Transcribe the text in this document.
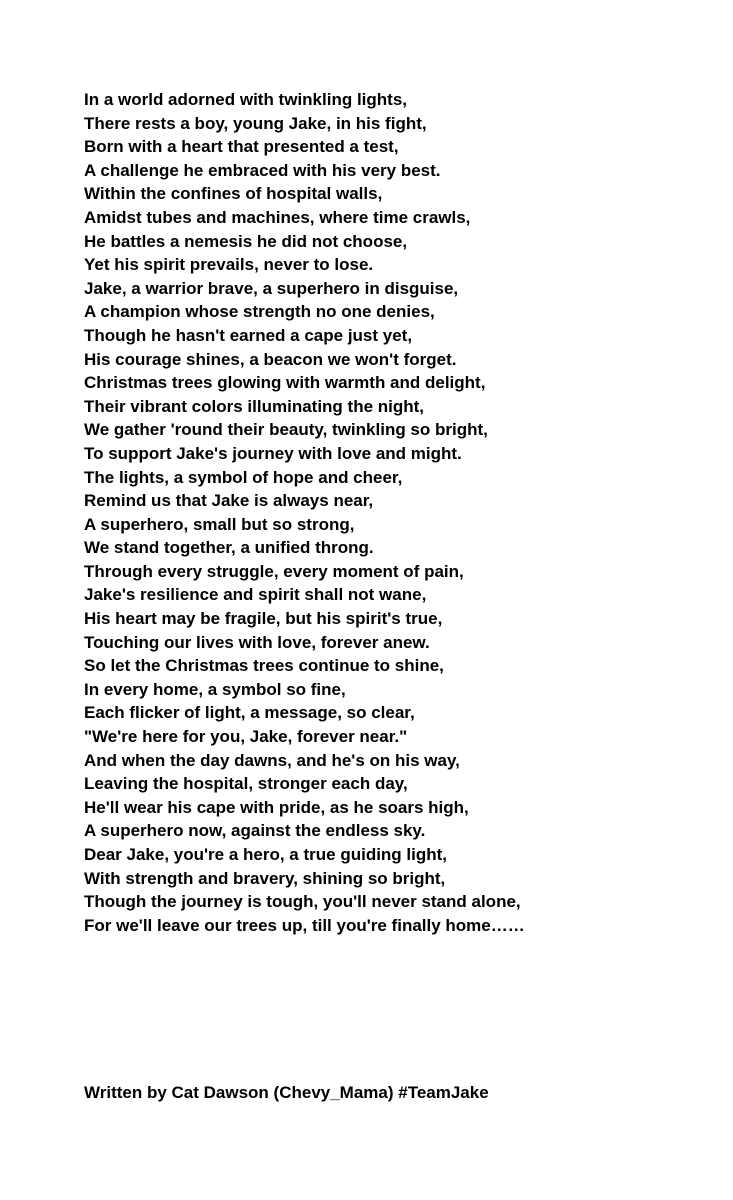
In a world adorned with twinkling lights,
There rests a boy, young Jake, in his fight,
Born with a heart that presented a test,
A challenge he embraced with his very best.
Within the confines of hospital walls,
Amidst tubes and machines, where time crawls,
He battles a nemesis he did not choose,
Yet his spirit prevails, never to lose.
Jake, a warrior brave, a superhero in disguise,
A champion whose strength no one denies,
Though he hasn't earned a cape just yet,
His courage shines, a beacon we won't forget.
Christmas trees glowing with warmth and delight,
Their vibrant colors illuminating the night,
We gather 'round their beauty, twinkling so bright,
To support Jake's journey with love and might.
The lights, a symbol of hope and cheer,
Remind us that Jake is always near,
A superhero, small but so strong,
We stand together, a unified throng.
Through every struggle, every moment of pain,
Jake's resilience and spirit shall not wane,
His heart may be fragile, but his spirit's true,
Touching our lives with love, forever anew.
So let the Christmas trees continue to shine,
In every home, a symbol so fine,
Each flicker of light, a message, so clear,
"We're here for you, Jake, forever near."
And when the day dawns, and he's on his way,
Leaving the hospital, stronger each day,
He'll wear his cape with pride, as he soars high,
A superhero now, against the endless sky.
Dear Jake, you're a hero, a true guiding light,
With strength and bravery, shining so bright,
Though the journey is tough, you'll never stand alone,
For we'll leave our trees up, till you're finally home……

Written by Cat Dawson (Chevy_Mama) #TeamJake
